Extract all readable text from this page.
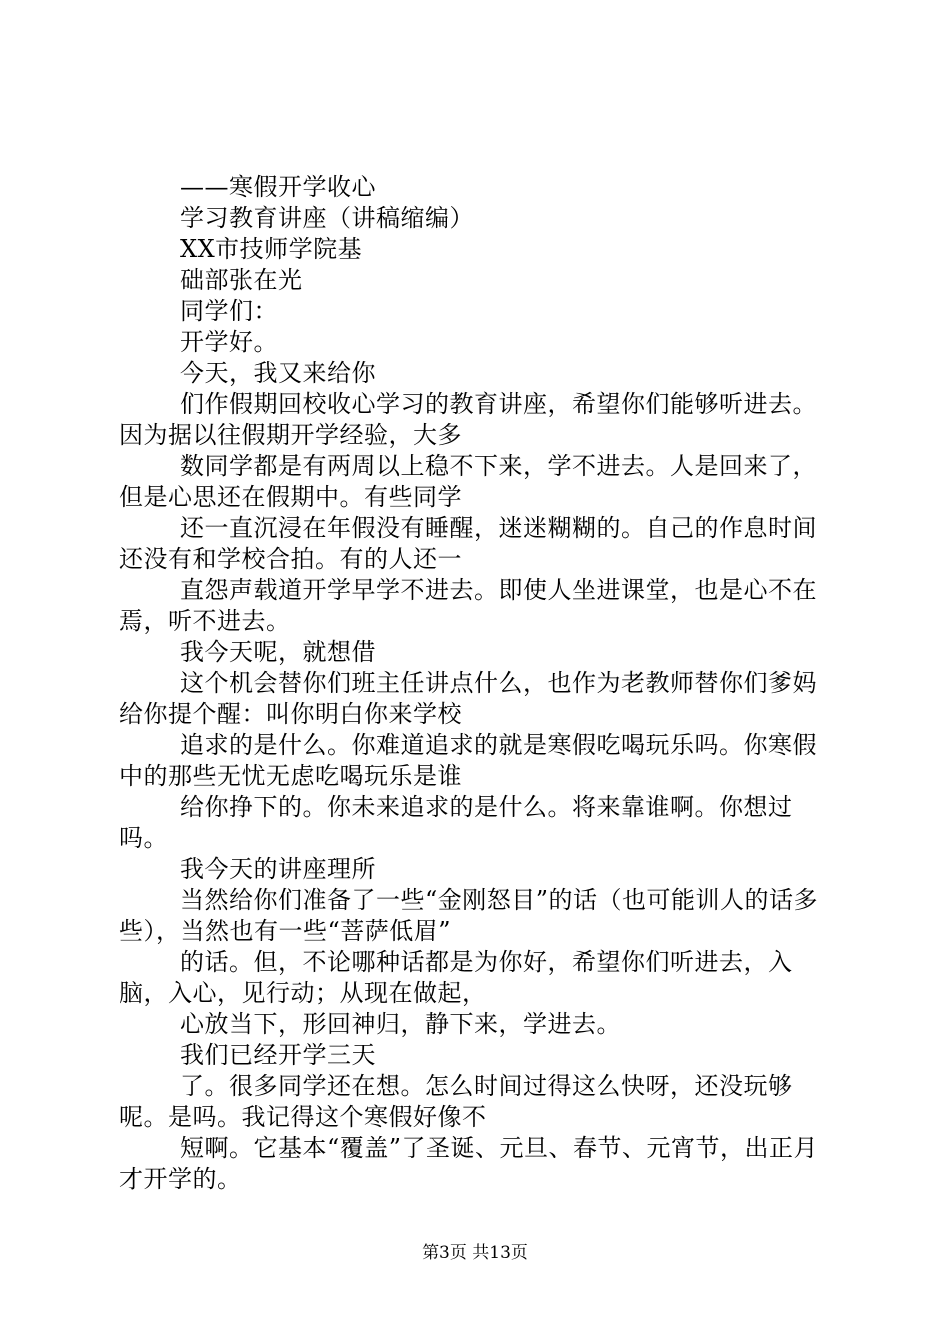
——寒假开学收心

学习教育讲座（讲稿缩编）

XX市技师学院基

础部张在光

同学们：

开学好。

今天，我又来给你

们作假期回校收心学习的教育讲座，希望你们能够听进去。因为据以往假期开学经验，大多

数同学都是有两周以上稳不下来，学不进去。人是回来了，但是心思还在假期中。有些同学

还一直沉浸在年假没有睡醒，迷迷糊糊的。自己的作息时间还没有和学校合拍。有的人还一

直怨声载道开学早学不进去。即使人坐进课堂，也是心不在焉，听不进去。

我今天呢，就想借

这个机会替你们班主任讲点什么，也作为老教师替你们爹妈给你提个醒：叫你明白你来学校

追求的是什么。你难道追求的就是寒假吃喝玩乐吗。你寒假中的那些无忧无虑吃喝玩乐是谁

给你挣下的。你未来追求的是什么。将来靠谁啊。你想过吗。

我今天的讲座理所

当然给你们准备了一些“金刚怒目”的话（也可能训人的话多些），当然也有一些“菩萨低眉”

的话。但，不论哪种话都是为你好，希望你们听进去，入脑，入心，见行动；从现在做起，

心放当下，形回神归，静下来，学进去。

我们已经开学三天

了。很多同学还在想。怎么时间过得这么快呀，还没玩够呢。是吗。我记得这个寒假好像不

短啊。它基本“覆盖”了圣诞、元旦、春节、元宵节，出正月才开学的。

第3页 共13页
